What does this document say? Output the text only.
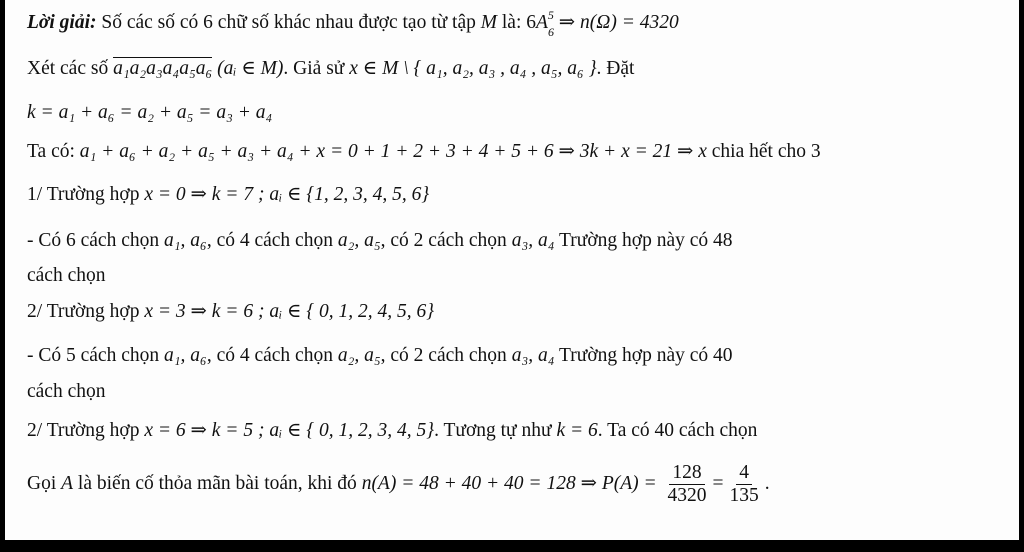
Lời giải: Số các số có 6 chữ số khác nhau được tạo từ tập M là: $6A^5$
6 ⇒ n(Ω) = 4320
Xét các số a₁a₂a₃a₄a₅a₆ (aᵢ ∈ M). Giả sử x ∈ M \ { a₁, a₂, a₃ , a₄ , a₅, a₆ }. Đặt
k = a₁ + a₆ = a₂ + a₅ = a₃ + a₄
Ta có: a₁ + a₆ + a₂ + a₅ + a₃ + a₄ + x = 0 + 1 + 2 + 3 + 4 + 5 + 6 ⇒ 3k + x = 21 ⇒ x chia hết cho 3
1/ Trường hợp x = 0 ⇒ k = 7 ; aᵢ ∈ {1, 2, 3, 4, 5, 6}
- Có 6 cách chọn a₁, a₆, có 4 cách chọn a₂, a₅, có 2 cách chọn a₃, a₄ Trường hợp này có 48
cách chọn
2/ Trường hợp x = 3 ⇒ k = 6 ; aᵢ ∈ { 0, 1, 2, 4, 5, 6}
- Có 5 cách chọn a₁, a₆, có 4 cách chọn a₂, a₅, có 2 cách chọn a₃, a₄ Trường hợp này có 40
cách chọn
2/ Trường hợp x = 6 ⇒ k = 5 ; aᵢ ∈ { 0, 1, 2, 3, 4, 5}. Tương tự như k = 6. Ta có 40 cách chọn
Gọi A là biến cố thỏa mãn bài toán, khi đó n(A) = 48 + 40 + 40 = 128 ⇒ $P(A) = \frac{128}{4320} = \frac{4}{135}$ .
